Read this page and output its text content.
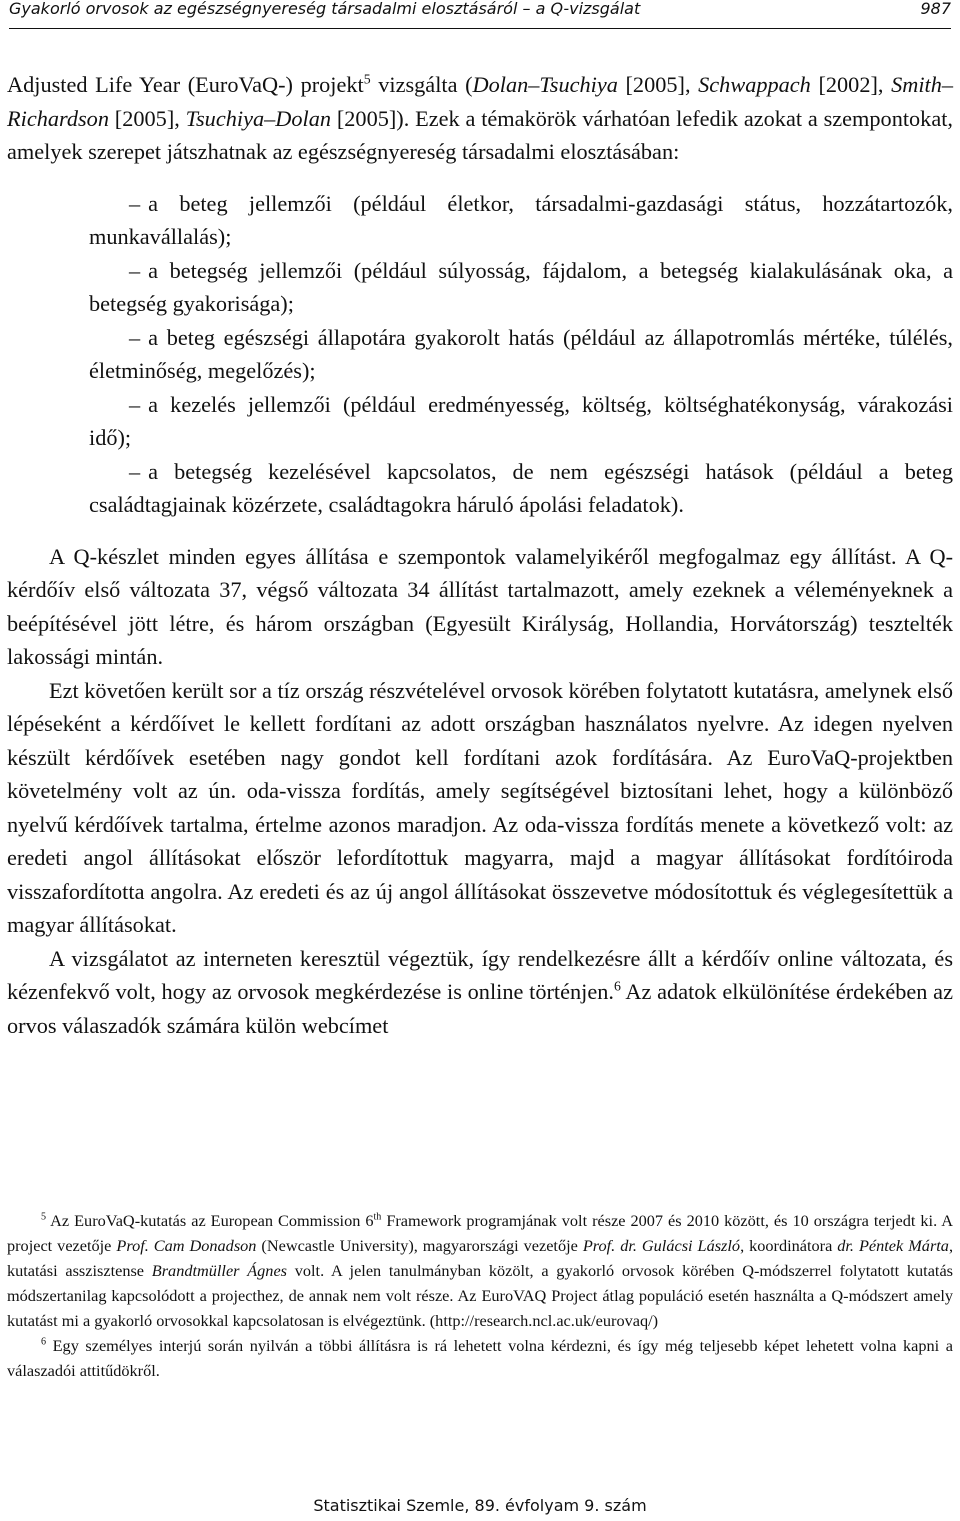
Gyakorló orvosok az egészségnyereség társadalmi elosztásáról – a Q-vizsgálat	987

Adjusted Life Year (EuroVaQ-) projekt$^5$ vizsgálta (Dolan–Tsuchiya [2005], Schwappach [2002], Smith–Richardson [2005], Tsuchiya–Dolan [2005]). Ezek a témakörök várhatóan lefedik azokat a szempontokat, amelyek szerepet játszhatnak az egészségnyereség társadalmi elosztásában:

– a beteg jellemzői (például életkor, társadalmi-gazdasági státus, hozzátartozók, munkavállalás);
– a betegség jellemzői (például súlyosság, fájdalom, a betegség kialakulásának oka, a betegség gyakorisága);
– a beteg egészségi állapotára gyakorolt hatás (például az állapotromlás mértéke, túlélés, életminőség, megelőzés);
– a kezelés jellemzői (például eredményesség, költség, költséghatékonyság, várakozási idő);
– a betegség kezelésével kapcsolatos, de nem egészségi hatások (például a beteg családtagjainak közérzete, családtagokra háruló ápolási feladatok).

A Q-készlet minden egyes állítása e szempontok valamelyikéről megfogalmaz egy állítást. A Q-kérdőív első változata 37, végső változata 34 állítást tartalmazott, amely ezeknek a véleményeknek a beépítésével jött létre, és három országban (Egyesült Királyság, Hollandia, Horvátország) tesztelték lakossági mintán.

Ezt követően került sor a tíz ország részvételével orvosok körében folytatott kutatásra, amelynek első lépéseként a kérdőívet le kellett fordítani az adott országban használatos nyelvre. Az idegen nyelven készült kérdőívek esetében nagy gondot kell fordítani azok fordítására. Az EuroVaQ-projektben követelmény volt az ún. oda-vissza fordítás, amely segítségével biztosítani lehet, hogy a különböző nyelvű kérdőívek tartalma, értelme azonos maradjon. Az oda-vissza fordítás menete a következő volt: az eredeti angol állításokat először lefordítottuk magyarra, majd a magyar állításokat fordítóiroda visszafordította angolra. Az eredeti és az új angol állításokat összevetve módosítottuk és véglegesítettük a magyar állításokat.

A vizsgálatot az interneten keresztül végeztük, így rendelkezésre állt a kérdőív online változata, és kézenfekvő volt, hogy az orvosok megkérdezése is online történjen.$^6$ Az adatok elkülönítése érdekében az orvos válaszadók számára külön webcímet

$^5$ Az EuroVaQ-kutatás az European Commission 6th Framework programjának volt része 2007 és 2010 között, és 10 országra terjedt ki. A project vezetője Prof. Cam Donadson (Newcastle University), magyarországi vezetője Prof. dr. Gulácsi László, koordinátora dr. Péntek Márta, kutatási asszisztense Brandtmüller Ágnes volt. A jelen tanulmányban közölt, a gyakorló orvosok körében Q-módszerrel folytatott kutatás módszertanilag kapcsolódott a projecthez, de annak nem volt része. Az EuroVAQ Project átlag populáció esetén használta a Q-módszert amely kutatást mi a gyakorló orvosokkal kapcsolatosan is elvégeztünk. (http://research.ncl.ac.uk/eurovaq/)

$^6$ Egy személyes interjú során nyilván a többi állításra is rá lehetett volna kérdezni, és így még teljesebb képet lehetett volna kapni a válaszadói attitűdökről.

Statisztikai Szemle, 89. évfolyam 9. szám
